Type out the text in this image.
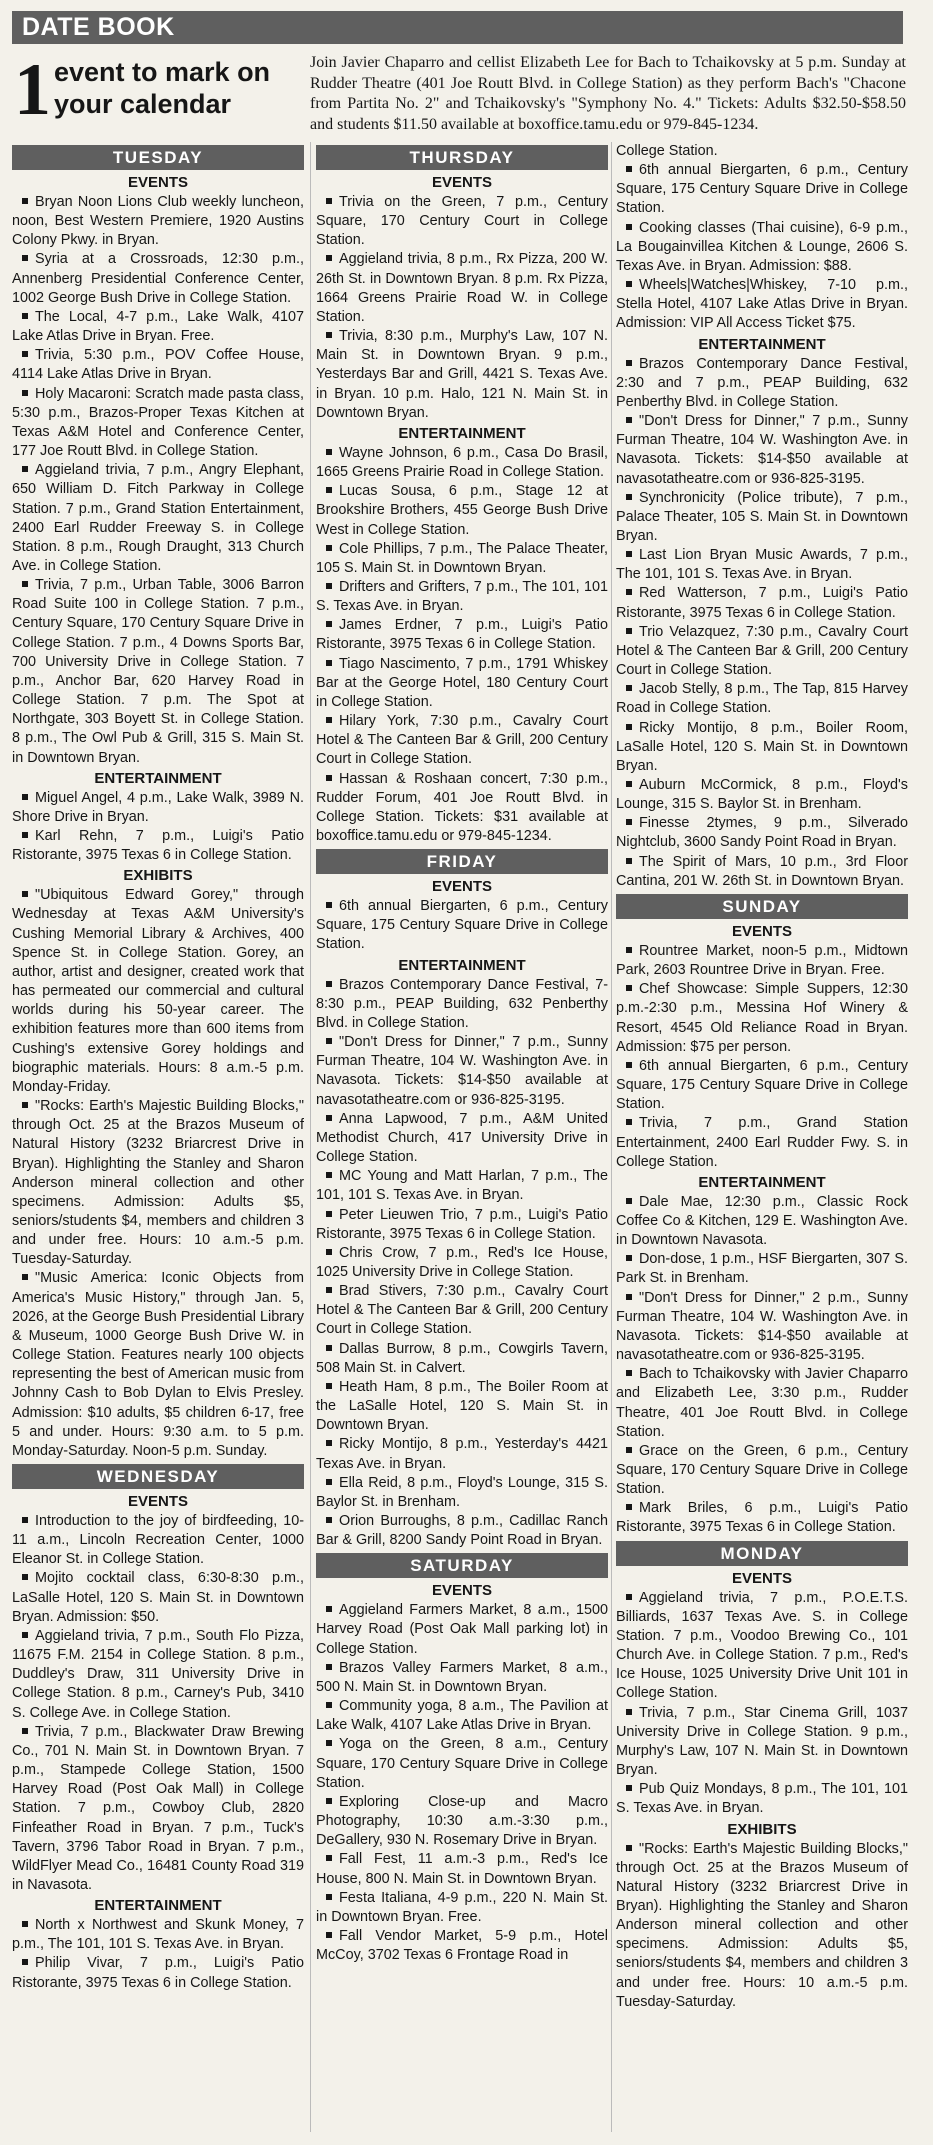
DATE BOOK
1 event to mark on your calendar
Join Javier Chaparro and cellist Elizabeth Lee for Bach to Tchaikovsky at 5 p.m. Sunday at Rudder Theatre (401 Joe Routt Blvd. in College Station) as they perform Bach's "Chacone from Partita No. 2" and Tchaikovsky's "Symphony No. 4." Tickets: Adults $32.50-$58.50 and students $11.50 available at boxoffice.tamu.edu or 979-845-1234.
TUESDAY
EVENTS

Bryan Noon Lions Club weekly luncheon, noon, Best Western Premiere, 1920 Austins Colony Pkwy. in Bryan.

Syria at a Crossroads, 12:30 p.m., Annenberg Presidential Conference Center, 1002 George Bush Drive in College Station.

The Local, 4-7 p.m., Lake Walk, 4107 Lake Atlas Drive in Bryan. Free.

Trivia, 5:30 p.m., POV Coffee House, 4114 Lake Atlas Drive in Bryan.

Holy Macaroni: Scratch made pasta class, 5:30 p.m., Brazos-Proper Texas Kitchen at Texas A&M Hotel and Conference Center, 177 Joe Routt Blvd. in College Station.

Aggieland trivia, 7 p.m., Angry Elephant, 650 William D. Fitch Parkway in College Station. 7 p.m., Grand Station Entertainment, 2400 Earl Rudder Freeway S. in College Station. 8 p.m., Rough Draught, 313 Church Ave. in College Station.

Trivia, 7 p.m., Urban Table, 3006 Barron Road Suite 100 in College Station. 7 p.m., Century Square, 170 Century Square Drive in College Station. 7 p.m., 4 Downs Sports Bar, 700 University Drive in College Station. 7 p.m., Anchor Bar, 620 Harvey Road in College Station. 7 p.m. The Spot at Northgate, 303 Boyett St. in College Station. 8 p.m., The Owl Pub & Grill, 315 S. Main St. in Downtown Bryan.

ENTERTAINMENT

Miguel Angel, 4 p.m., Lake Walk, 3989 N. Shore Drive in Bryan.

Karl Rehn, 7 p.m., Luigi's Patio Ristorante, 3975 Texas 6 in College Station.

EXHIBITS

"Ubiquitous Edward Gorey," through Wednesday at Texas A&M University's Cushing Memorial Library & Archives, 400 Spence St. in College Station. Gorey, an author, artist and designer, created work that has permeated our commercial and cultural worlds during his 50-year career. The exhibition features more than 600 items from Cushing's extensive Gorey holdings and biographic materials. Hours: 8 a.m.-5 p.m. Monday-Friday.

"Rocks: Earth's Majestic Building Blocks," through Oct. 25 at the Brazos Museum of Natural History (3232 Briarcrest Drive in Bryan). Highlighting the Stanley and Sharon Anderson mineral collection and other specimens. Admission: Adults $5, seniors/students $4, members and children 3 and under free. Hours: 10 a.m.-5 p.m. Tuesday-Saturday.

"Music America: Iconic Objects from America's Music History," through Jan. 5, 2026, at the George Bush Presidential Library & Museum, 1000 George Bush Drive W. in College Station. Features nearly 100 objects representing the best of American music from Johnny Cash to Bob Dylan to Elvis Presley. Admission: $10 adults, $5 children 6-17, free 5 and under. Hours: 9:30 a.m. to 5 p.m. Monday-Saturday. Noon-5 p.m. Sunday.

WEDNESDAY
EVENTS

Introduction to the joy of birdfeeding, 10-11 a.m., Lincoln Recreation Center, 1000 Eleanor St. in College Station.

Mojito cocktail class, 6:30-8:30 p.m., LaSalle Hotel, 120 S. Main St. in Downtown Bryan. Admission: $50.

Aggieland trivia, 7 p.m., South Flo Pizza, 11675 F.M. 2154 in College Station. 8 p.m., Duddley's Draw, 311 University Drive in College Station. 8 p.m., Carney's Pub, 3410 S. College Ave. in College Station.

Trivia, 7 p.m., Blackwater Draw Brewing Co., 701 N. Main St. in Downtown Bryan. 7 p.m., Stampede College Station, 1500 Harvey Road (Post Oak Mall) in College Station. 7 p.m., Cowboy Club, 2820 Finfeather Road in Bryan. 7 p.m., Tuck's Tavern, 3796 Tabor Road in Bryan. 7 p.m., WildFlyer Mead Co., 16481 County Road 319 in Navasota.

ENTERTAINMENT

North x Northwest and Skunk Money, 7 p.m., The 101, 101 S. Texas Ave. in Bryan.

Philip Vivar, 7 p.m., Luigi's Patio Ristorante, 3975 Texas 6 in College Station.

THURSDAY
EVENTS

Trivia on the Green, 7 p.m., Century Square, 170 Century Court in College Station.

Aggieland trivia, 8 p.m., Rx Pizza, 200 W. 26th St. in Downtown Bryan. 8 p.m. Rx Pizza, 1664 Greens Prairie Road W. in College Station.

Trivia, 8:30 p.m., Murphy's Law, 107 N. Main St. in Downtown Bryan. 9 p.m., Yesterdays Bar and Grill, 4421 S. Texas Ave. in Bryan. 10 p.m. Halo, 121 N. Main St. in Downtown Bryan.

ENTERTAINMENT

Wayne Johnson, 6 p.m., Casa Do Brasil, 1665 Greens Prairie Road in College Station.

Lucas Sousa, 6 p.m., Stage 12 at Brookshire Brothers, 455 George Bush Drive West in College Station.

Cole Phillips, 7 p.m., The Palace Theater, 105 S. Main St. in Downtown Bryan.

Drifters and Grifters, 7 p.m., The 101, 101 S. Texas Ave. in Bryan.

James Erdner, 7 p.m., Luigi's Patio Ristorante, 3975 Texas 6 in College Station.

Tiago Nascimento, 7 p.m., 1791 Whiskey Bar at the George Hotel, 180 Century Court in College Station.

Hilary York, 7:30 p.m., Cavalry Court Hotel & The Canteen Bar & Grill, 200 Century Court in College Station.

Hassan & Roshaan concert, 7:30 p.m., Rudder Forum, 401 Joe Routt Blvd. in College Station. Tickets: $31 available at boxoffice.tamu.edu or 979-845-1234.

FRIDAY
EVENTS

6th annual Biergarten, 6 p.m., Century Square, 175 Century Square Drive in College Station.

ENTERTAINMENT

Brazos Contemporary Dance Festival, 7-8:30 p.m., PEAP Building, 632 Penberthy Blvd. in College Station.

"Don't Dress for Dinner," 7 p.m., Sunny Furman Theatre, 104 W. Washington Ave. in Navasota. Tickets: $14-$50 available at navasotatheatre.com or 936-825-3195.

Anna Lapwood, 7 p.m., A&M United Methodist Church, 417 University Drive in College Station.

MC Young and Matt Harlan, 7 p.m., The 101, 101 S. Texas Ave. in Bryan.

Peter Lieuwen Trio, 7 p.m., Luigi's Patio Ristorante, 3975 Texas 6 in College Station.

Chris Crow, 7 p.m., Red's Ice House, 1025 University Drive in College Station.

Brad Stivers, 7:30 p.m., Cavalry Court Hotel & The Canteen Bar & Grill, 200 Century Court in College Station.

Dallas Burrow, 8 p.m., Cowgirls Tavern, 508 Main St. in Calvert.

Heath Ham, 8 p.m., The Boiler Room at the LaSalle Hotel, 120 S. Main St. in Downtown Bryan.

Ricky Montijo, 8 p.m., Yesterday's 4421 Texas Ave. in Bryan.

Ella Reid, 8 p.m., Floyd's Lounge, 315 S. Baylor St. in Brenham.

Orion Burroughs, 8 p.m., Cadillac Ranch Bar & Grill, 8200 Sandy Point Road in Bryan.

SATURDAY
EVENTS

Aggieland Farmers Market, 8 a.m., 1500 Harvey Road (Post Oak Mall parking lot) in College Station.

Brazos Valley Farmers Market, 8 a.m., 500 N. Main St. in Downtown Bryan.

Community yoga, 8 a.m., The Pavilion at Lake Walk, 4107 Lake Atlas Drive in Bryan.

Yoga on the Green, 8 a.m., Century Square, 170 Century Square Drive in College Station.

Exploring Close-up and Macro Photography, 10:30 a.m.-3:30 p.m., DeGallery, 930 N. Rosemary Drive in Bryan.

Fall Fest, 11 a.m.-3 p.m., Red's Ice House, 800 N. Main St. in Downtown Bryan.

Festa Italiana, 4-9 p.m., 220 N. Main St. in Downtown Bryan. Free.

Fall Vendor Market, 5-9 p.m., Hotel McCoy, 3702 Texas 6 Frontage Road in

College Station.

6th annual Biergarten, 6 p.m., Century Square, 175 Century Square Drive in College Station.

Cooking classes (Thai cuisine), 6-9 p.m., La Bougainvillea Kitchen & Lounge, 2606 S. Texas Ave. in Bryan. Admission: $88.

Wheels|Watches|Whiskey, 7-10 p.m., Stella Hotel, 4107 Lake Atlas Drive in Bryan. Admission: VIP All Access Ticket $75.

ENTERTAINMENT

Brazos Contemporary Dance Festival, 2:30 and 7 p.m., PEAP Building, 632 Penberthy Blvd. in College Station.

"Don't Dress for Dinner," 7 p.m., Sunny Furman Theatre, 104 W. Washington Ave. in Navasota. Tickets: $14-$50 available at navasotatheatre.com or 936-825-3195.

Synchronicity (Police tribute), 7 p.m., Palace Theater, 105 S. Main St. in Downtown Bryan.

Last Lion Bryan Music Awards, 7 p.m., The 101, 101 S. Texas Ave. in Bryan.

Red Watterson, 7 p.m., Luigi's Patio Ristorante, 3975 Texas 6 in College Station.

Trio Velazquez, 7:30 p.m., Cavalry Court Hotel & The Canteen Bar & Grill, 200 Century Court in College Station.

Jacob Stelly, 8 p.m., The Tap, 815 Harvey Road in College Station.

Ricky Montijo, 8 p.m., Boiler Room, LaSalle Hotel, 120 S. Main St. in Downtown Bryan.

Auburn McCormick, 8 p.m., Floyd's Lounge, 315 S. Baylor St. in Brenham.

Finesse 2tymes, 9 p.m., Silverado Nightclub, 3600 Sandy Point Road in Bryan.

The Spirit of Mars, 10 p.m., 3rd Floor Cantina, 201 W. 26th St. in Downtown Bryan.

SUNDAY
EVENTS

Rountree Market, noon-5 p.m., Midtown Park, 2603 Rountree Drive in Bryan. Free.

Chef Showcase: Simple Suppers, 12:30 p.m.-2:30 p.m., Messina Hof Winery & Resort, 4545 Old Reliance Road in Bryan. Admission: $75 per person.

6th annual Biergarten, 6 p.m., Century Square, 175 Century Square Drive in College Station.

Trivia, 7 p.m., Grand Station Entertainment, 2400 Earl Rudder Fwy. S. in College Station.

ENTERTAINMENT

Dale Mae, 12:30 p.m., Classic Rock Coffee Co & Kitchen, 129 E. Washington Ave. in Downtown Navasota.

Don-dose, 1 p.m., HSF Biergarten, 307 S. Park St. in Brenham.

"Don't Dress for Dinner," 2 p.m., Sunny Furman Theatre, 104 W. Washington Ave. in Navasota. Tickets: $14-$50 available at navasotatheatre.com or 936-825-3195.

Bach to Tchaikovsky with Javier Chaparro and Elizabeth Lee, 3:30 p.m., Rudder Theatre, 401 Joe Routt Blvd. in College Station.

Grace on the Green, 6 p.m., Century Square, 170 Century Square Drive in College Station.

Mark Briles, 6 p.m., Luigi's Patio Ristorante, 3975 Texas 6 in College Station.

MONDAY
EVENTS

Aggieland trivia, 7 p.m., P.O.E.T.S. Billiards, 1637 Texas Ave. S. in College Station. 7 p.m., Voodoo Brewing Co., 101 Church Ave. in College Station. 7 p.m., Red's Ice House, 1025 University Drive Unit 101 in College Station.

Trivia, 7 p.m., Star Cinema Grill, 1037 University Drive in College Station. 9 p.m., Murphy's Law, 107 N. Main St. in Downtown Bryan.

Pub Quiz Mondays, 8 p.m., The 101, 101 S. Texas Ave. in Bryan.

EXHIBITS

"Rocks: Earth's Majestic Building Blocks," through Oct. 25 at the Brazos Museum of Natural History (3232 Briarcrest Drive in Bryan). Highlighting the Stanley and Sharon Anderson mineral collection and other specimens. Admission: Adults $5, seniors/students $4, members and children 3 and under free. Hours: 10 a.m.-5 p.m. Tuesday-Saturday.
